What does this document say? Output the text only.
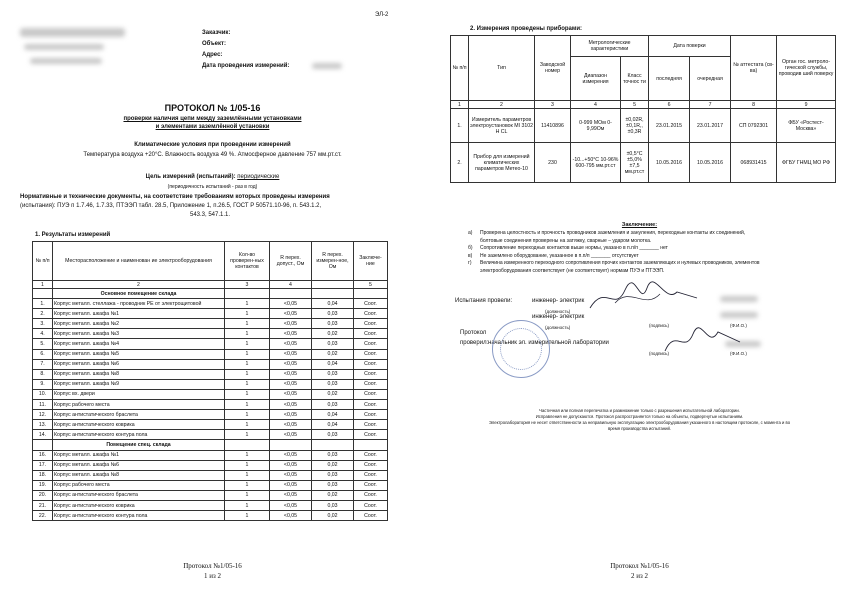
ЭЛ-2
Заказчик:
Объект:
Адрес:
Дата проведения измерений:
ПРОТОКОЛ № 1/05-16
проверки наличия цепи между заземлёнными установками
и элементами заземлённой установки
Климатические условия при проведении измерений
Температура воздуха +20°С. Влажность воздуха 49 %. Атмосферное давление 757 мм.рт.ст.
Цель измерений (испытаний): периодические
(периодичность испытаний - раз в год)
Нормативные и технические документы, на соответствие требованиям которых проведены измерения
(испытания): ПУЭ п 1.7.46, 1.7.33, ПТЭЭП табл. 28.5, Приложение 1, п.26.5, ГОСТ Р 50571.10-96, п. 543.1.2,
543.3, 547.1.1.
1. Результаты измерений
№ п/п	Месторасположение и наименован ие электрооборудования	Кол-во проверен-ных контактов	R перех. допуст., Ом	R перех. измерен-ное, Ом	Заключе-ние
1	2	3	4		5
	Основное помещение склада				
1.	Корпус металл. стеллажа - проводник РЕ от электрощитовой	1	<0,05	0,04	Соот.
2.	Корпус металл. шкафа №1	1	<0,05	0,03	Соот.
3.	Корпус металл. шкафа №2	1	<0,05	0,03	Соот.
4.	Корпус металл. шкафа №3	1	<0,05	0,02	Соот.
5.	Корпус металл. шкафа №4	1	<0,05	0,03	Соот.
6.	Корпус металл. шкафа №5	1	<0,05	0,02	Соот.
7.	Корпус металл. шкафа №6	1	<0,05	0,04	Соот.
8.	Корпус металл. шкафа №8	1	<0,05	0,03	Соот.
9.	Корпус металл. шкафа №9	1	<0,05	0,03	Соот.
10.	Корпус вх. двери	1	<0,05	0,02	Соот.
11.	Корпус рабочего места	1	<0,05	0,03	Соот.
12.	Корпус антистатического браслета	1	<0,05	0,04	Соот.
13.	Корпус антистатического коврика	1	<0,05	0,04	Соот.
14.	Корпус антистатического контура пола	1	<0,05	0,03	Соот.
	Помещение спец. склада				
16.	Корпус металл. шкафа №1	1	<0,05	0,03	Соот.
17.	Корпус металл. шкафа №6	1	<0,05	0,02	Соот.
18.	Корпус металл. шкафа №8	1	<0,05	0,03	Соот.
19.	Корпус рабочего места	1	<0,05	0,03	Соот.
20.	Корпус антистатического браслета	1	<0,05	0,02	Соот.
21.	Корпус антистатического коврика	1	<0,05	0,03	Соот.
22.	Корпус антистатического контура пола	1	<0,05	0,02	Соот.
Протокол №1/05-16
1 из 2
2. Измерения проведены приборами:
№ п/п	Тип	Заводской номер	Метрологические характеристики		Дата поверки		№ аттестата (св-ва)	Орган гос. метроло-гической службы, проводив ший поверку
			Диапазон измерения	Класс точнос ти	последняя	очередная		
1	2	3	4	5	6	7	8	9
1.	Измеритель параметров электроустановок MI 3102 H CL	11410896	0-999 МОм 0-9,99Ом	±0,02R, ±0,1R,, ±0,3R	23.01.2015	23.01.2017	СП 0792301	ФБУ «Ростест-Москва»
2.	Прибор для измерений климатических параметров Метео-10	230	-10...+50°С 10-96% 600-795 мм.рт.ст	±0,5°С ±5,0% ±7,5 мм.рт.ст	10.05.2016	10.05.2016	068931415	ФГБУ ГНМЦ МО РФ
Заключение:
а) Проверена целостность и прочность проводников заземления и зануления, переходные контакты их соединений,
болтовые соединения проверены на затяжку, сварные – ударом молотка.
б) Сопротивление переходных контактов выше нормы, указано в п.п/п _______ нет
в) Не заземлено оборудование, указанное в п.п/п _______ отсутствует
г) Величина измеренного переходного сопротивления прочих контактов заземляющих и нулевых проводников, элементов
электрооборудования соответствует (не соответствует) нормам ПУЭ и ПТЭЭП.
Испытания провели:	инженер- электрик
(должность)
инженер- электрик
(должность)	(подпись)	(Ф.И.О.)
Протокол
проверил: начальник эл. измерительной лаборатории
(подпись)	(Ф.И.О.)
Частичная или полная перепечатка и размножение только с разрешения испытательной лаборатории.
Исправления не допускаются. Протокол распространяется только на объекты, подвергнутые испытаниям.
Электролаборатория не несет ответственности за неправильную эксплуатацию электрооборудования указанного в настоящем протоколе, с момента и во
время производства испытаний.
Протокол №1/05-16
2 из 2
